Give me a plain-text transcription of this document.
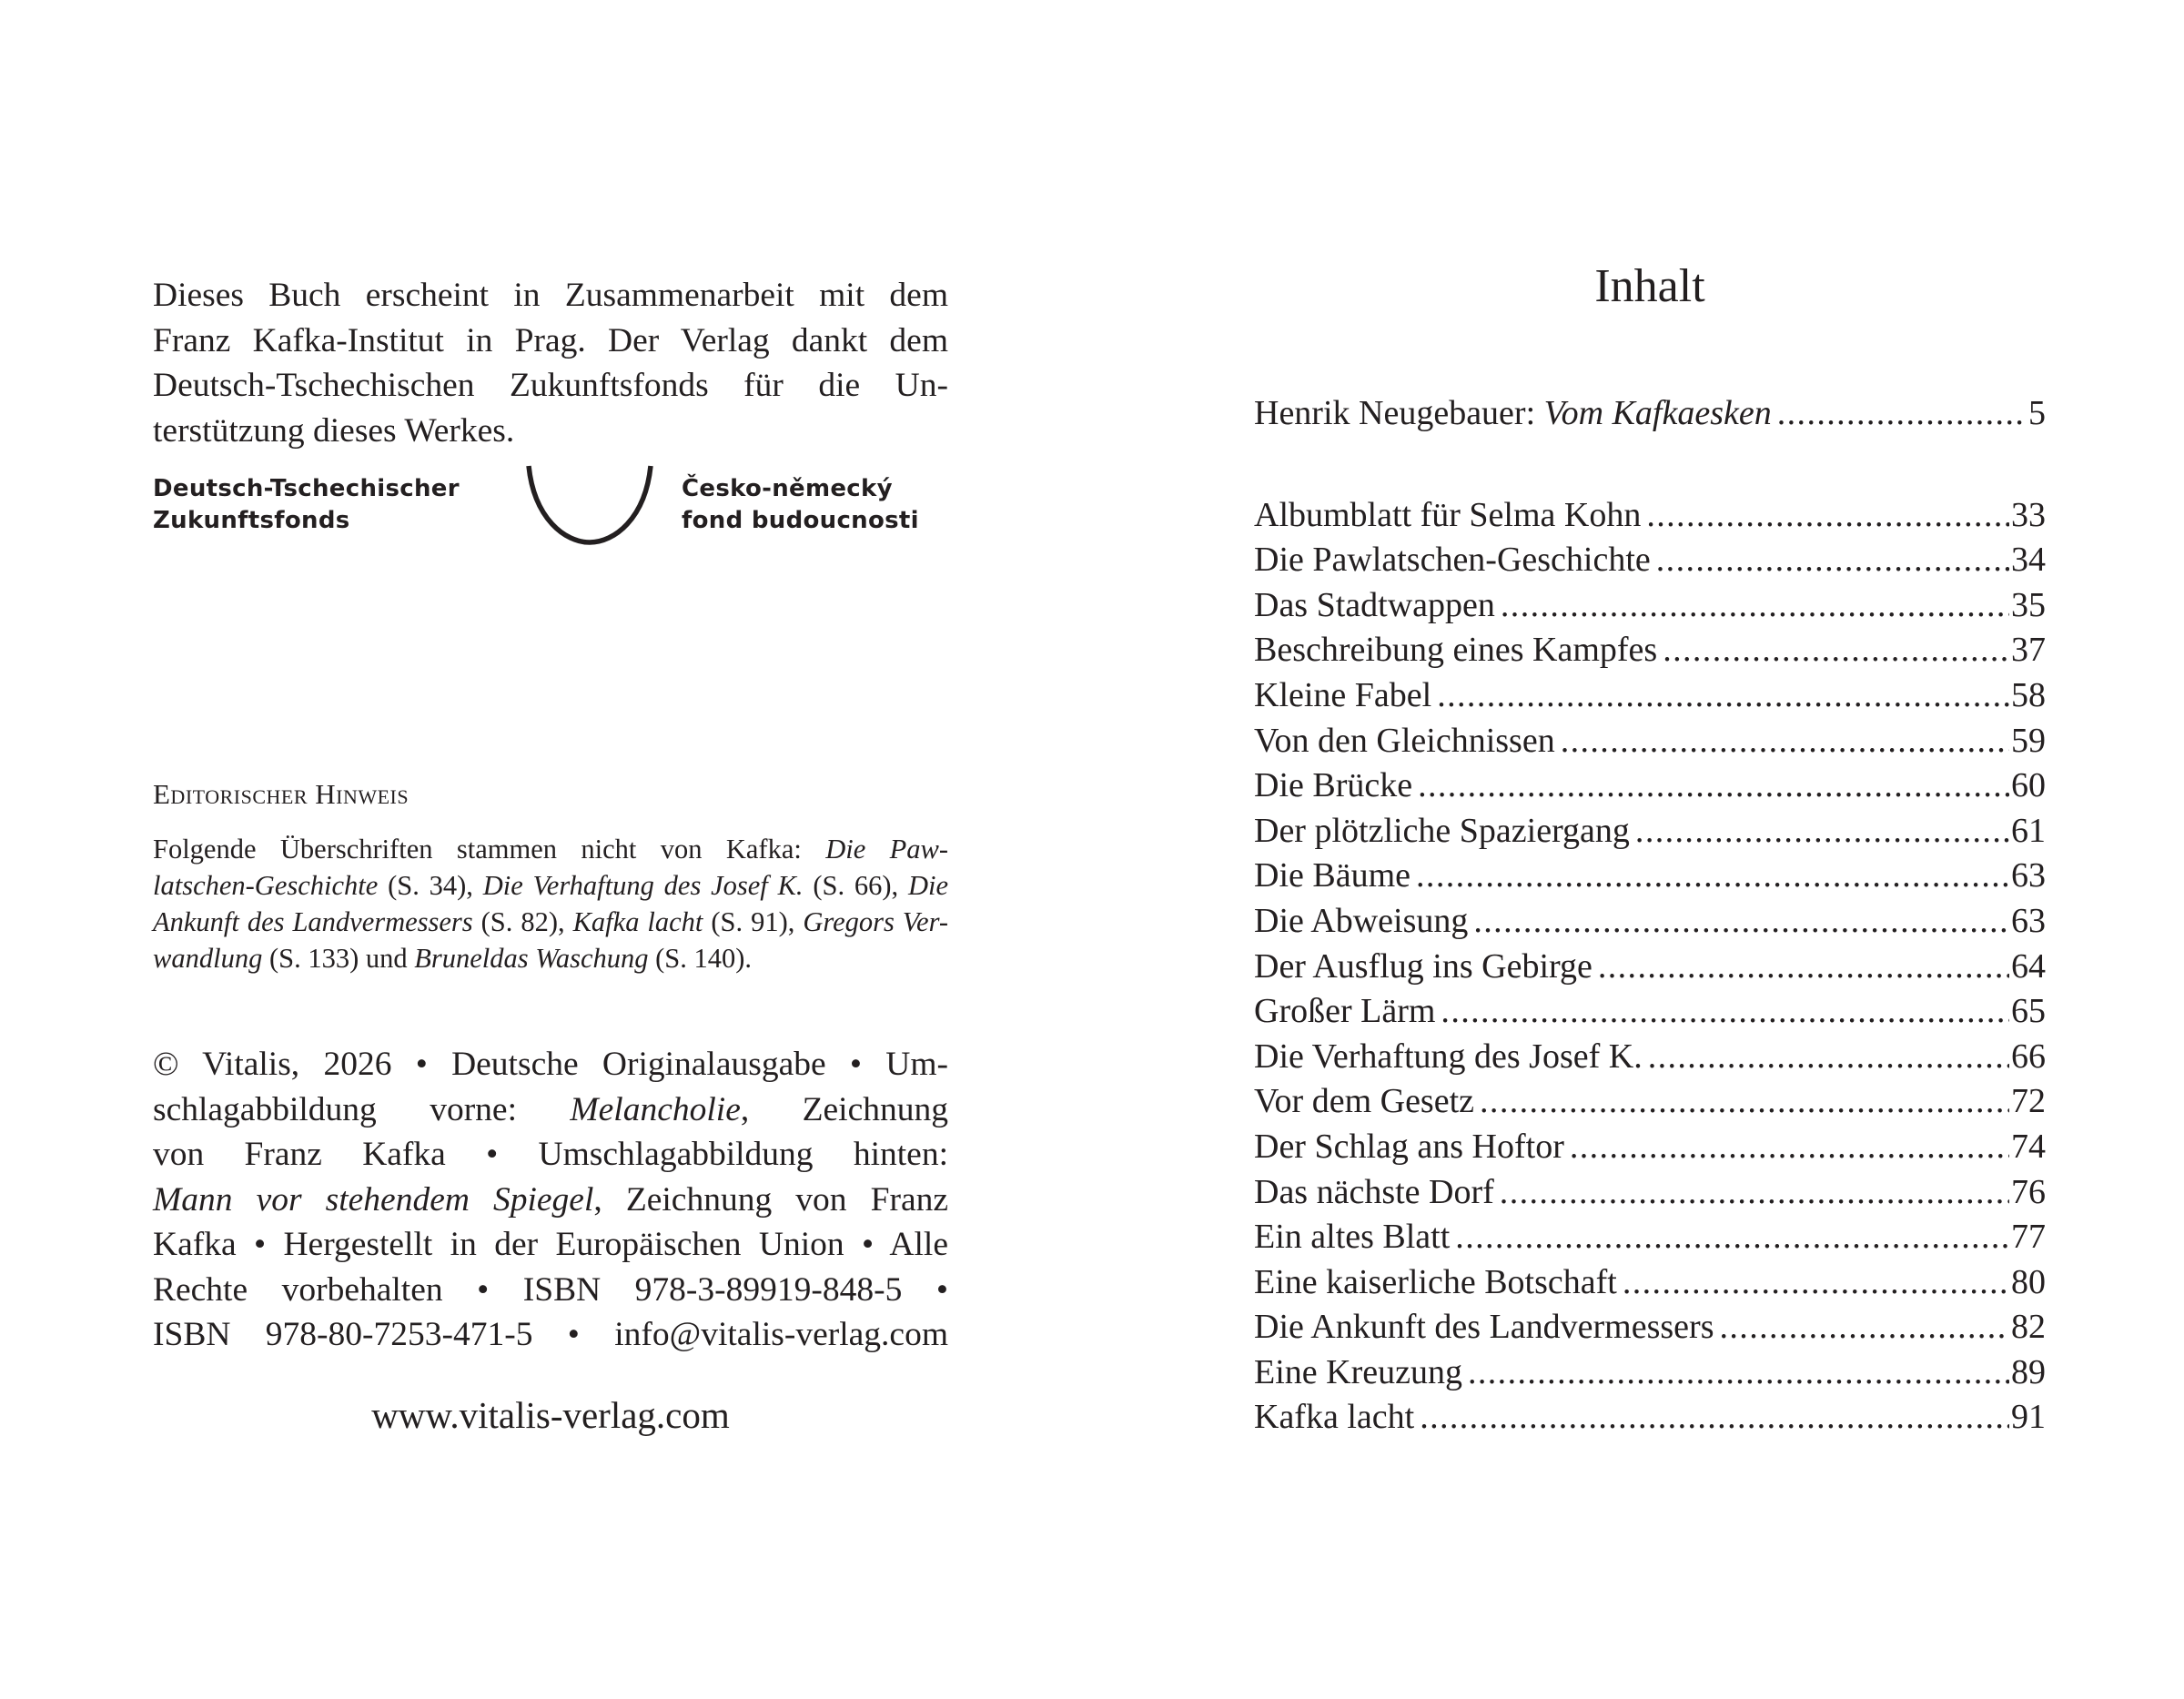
Dieses Buch erscheint in Zusammenarbeit mit dem
Franz Kafka-Institut in Prag. Der Verlag dankt dem
Deutsch-Tschechischen Zukunftsfonds für die Un-
terstützung dieses Werkes.

Deutsch-Tschechischer
Zukunftsfonds
Česko-německý
fond budoucnosti

Editorischer Hinweis

Folgende Überschriften stammen nicht von Kafka: Die Paw-
latschen-Geschichte (S. 34), Die Verhaftung des Josef K. (S. 66), Die
Ankunft des Landvermessers (S. 82), Kafka lacht (S. 91), Gregors Ver-
wandlung (S. 133) und Bruneldas Waschung (S. 140).

© Vitalis, 2026 • Deutsche Originalausgabe • Um-
schlagabbildung vorne: Melancholie, Zeichnung
von Franz Kafka • Umschlagabbildung hinten:
Mann vor stehendem Spiegel, Zeichnung von Franz
Kafka • Hergestellt in der Europäischen Union • Alle
Rechte vorbehalten • ISBN 978-3-89919-848-5 •
ISBN 978-80-7253-471-5 • info@vitalis-verlag.com

www.vitalis-verlag.com
Inhalt
Henrik Neugebauer: Vom Kafkaesken .....	5
Albumblatt für Selma Kohn .....	33
Die Pawlatschen-Geschichte .....	34
Das Stadtwappen .....	35
Beschreibung eines Kampfes .....	37
Kleine Fabel .....	58
Von den Gleichnissen .....	59
Die Brücke .....	60
Der plötzliche Spaziergang .....	61
Die Bäume .....	63
Die Abweisung .....	63
Der Ausflug ins Gebirge .....	64
Großer Lärm .....	65
Die Verhaftung des Josef K. .....	66
Vor dem Gesetz .....	72
Der Schlag ans Hoftor .....	74
Das nächste Dorf .....	76
Ein altes Blatt .....	77
Eine kaiserliche Botschaft .....	80
Die Ankunft des Landvermessers .....	82
Eine Kreuzung .....	89
Kafka lacht .....	91
